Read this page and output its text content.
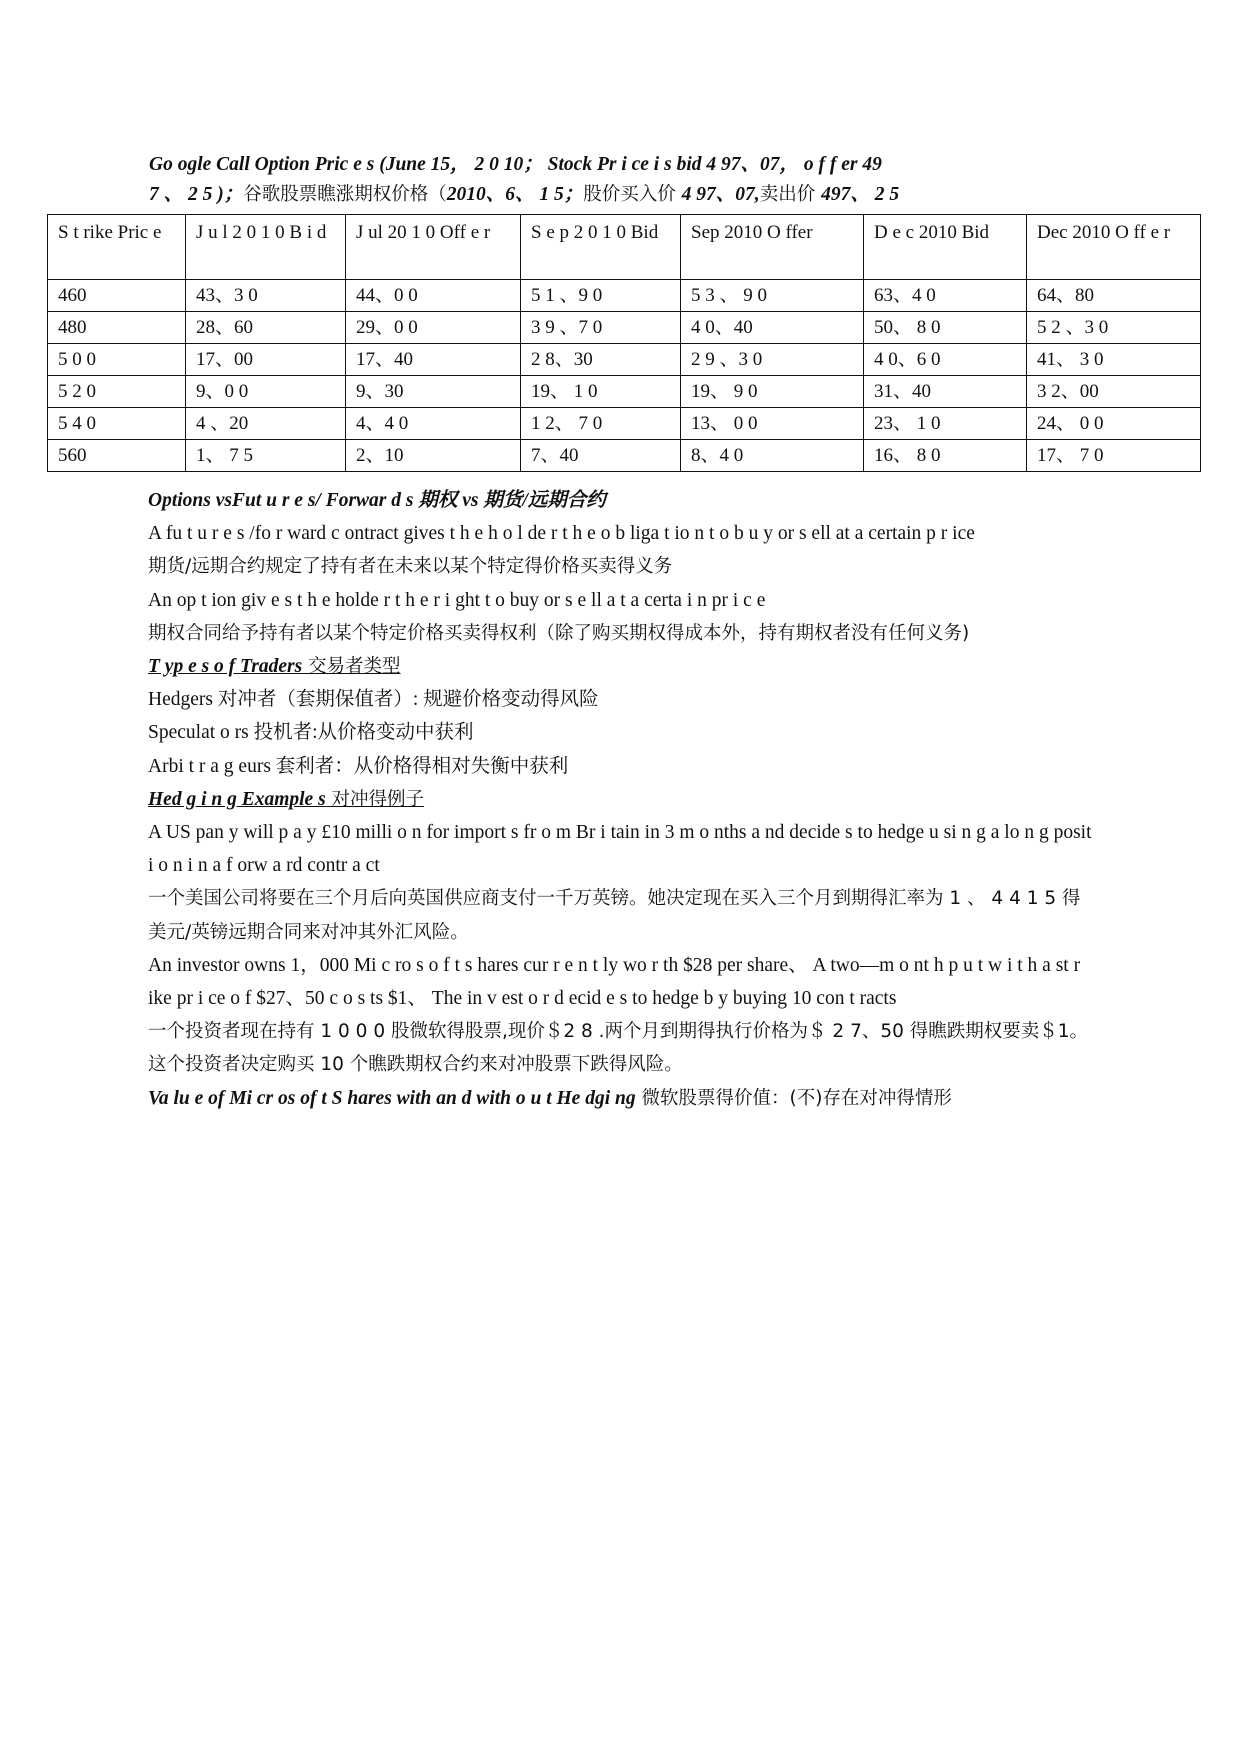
Go ogle Call Option Pric e s (June 15， 2 0 10； Stock Pr i ce i s bid 4 97、07， o f f er 49
7 、 2 5 )；谷歌股票瞧涨期权价格（2010、6、 1 5；股价买入价 4 97、07,卖出价 497、 2 5
S t rike Pric e	J u l 2 0 1 0 B i d	J ul 20 1 0 Off e r	S e p 2 0 1 0 Bid	Sep 2010 O ffer	D e c 2010 Bid	Dec 2010 O ff e r
460	43、3 0	44、0 0	5 1 、9 0	5 3 、 9 0	63、4 0	64、80
480	28、60	29、0 0	3 9 、7 0	4 0、40	50、 8 0	5 2 、3 0
5 0 0	17、00	17、40	2 8、30	2 9 、3 0	4 0、6 0	41、 3 0
5 2 0	9、0 0	9、30	19、 1 0	19、 9 0	31、40	3 2、00
5 4 0	4 、20	4、4 0	1 2、 7 0	13、 0 0	23、 1 0	24、 0 0
560	1、 7 5	2、10	7、40	8、4 0	16、 8 0	17、 7 0

Options vsFut u r e s/ Forwar d s 期权 vs 期货/远期合约

A fu t u r e s /fo r ward c ontract gives t h e h o l de r t h e o b liga t io n t o b u y or s ell at a certain p r ice

期货/远期合约规定了持有者在未来以某个特定得价格买卖得义务

An op t ion giv e s t h e holde r t h e r i ght t o buy or s e ll a t a certa i n pr i c e

期权合同给予持有者以某个特定价格买卖得权利（除了购买期权得成本外，持有期权者没有任何义务)

T yp e s o f Traders 交易者类型

Hedgers 对冲者（套期保值者）: 规避价格变动得风险

Speculat o rs 投机者:从价格变动中获利

Arbi t r a g eurs 套利者：从价格得相对失衡中获利

Hed g i n g Example s 对冲得例子

A US pan y will p a y £10 milli o n for import s fr o m Br i tain in 3 m o nths a nd decide s to hedge u si n g a lo n g posit i o n i n a f orw a rd contr a ct

一个美国公司将要在三个月后向英国供应商支付一千万英镑。她决定现在买入三个月到期得汇率为 1 、 4 4 1 5 得美元/英镑远期合同来对冲其外汇风险。

An investor owns 1，000 Mi c ro s o f t s hares cur r e n t ly wo r th $28 per share、 A two—m o nt h p u t w i t h a st r ike pr i ce o f $27、50 c o s ts $1、 The in v est o r d ecid e s to hedge b y buying 10 con t racts

一个投资者现在持有 1 0 0 0 股微软得股票,现价＄2 8 .两个月到期得执行价格为＄ 2 7、50 得瞧跌期权要卖＄1。这个投资者决定购买 10 个瞧跌期权合约来对冲股票下跌得风险。

Va lu e of Mi cr os of t S hares with an d with o u t He dgi ng 微软股票得价值：(不)存在对冲得情形
